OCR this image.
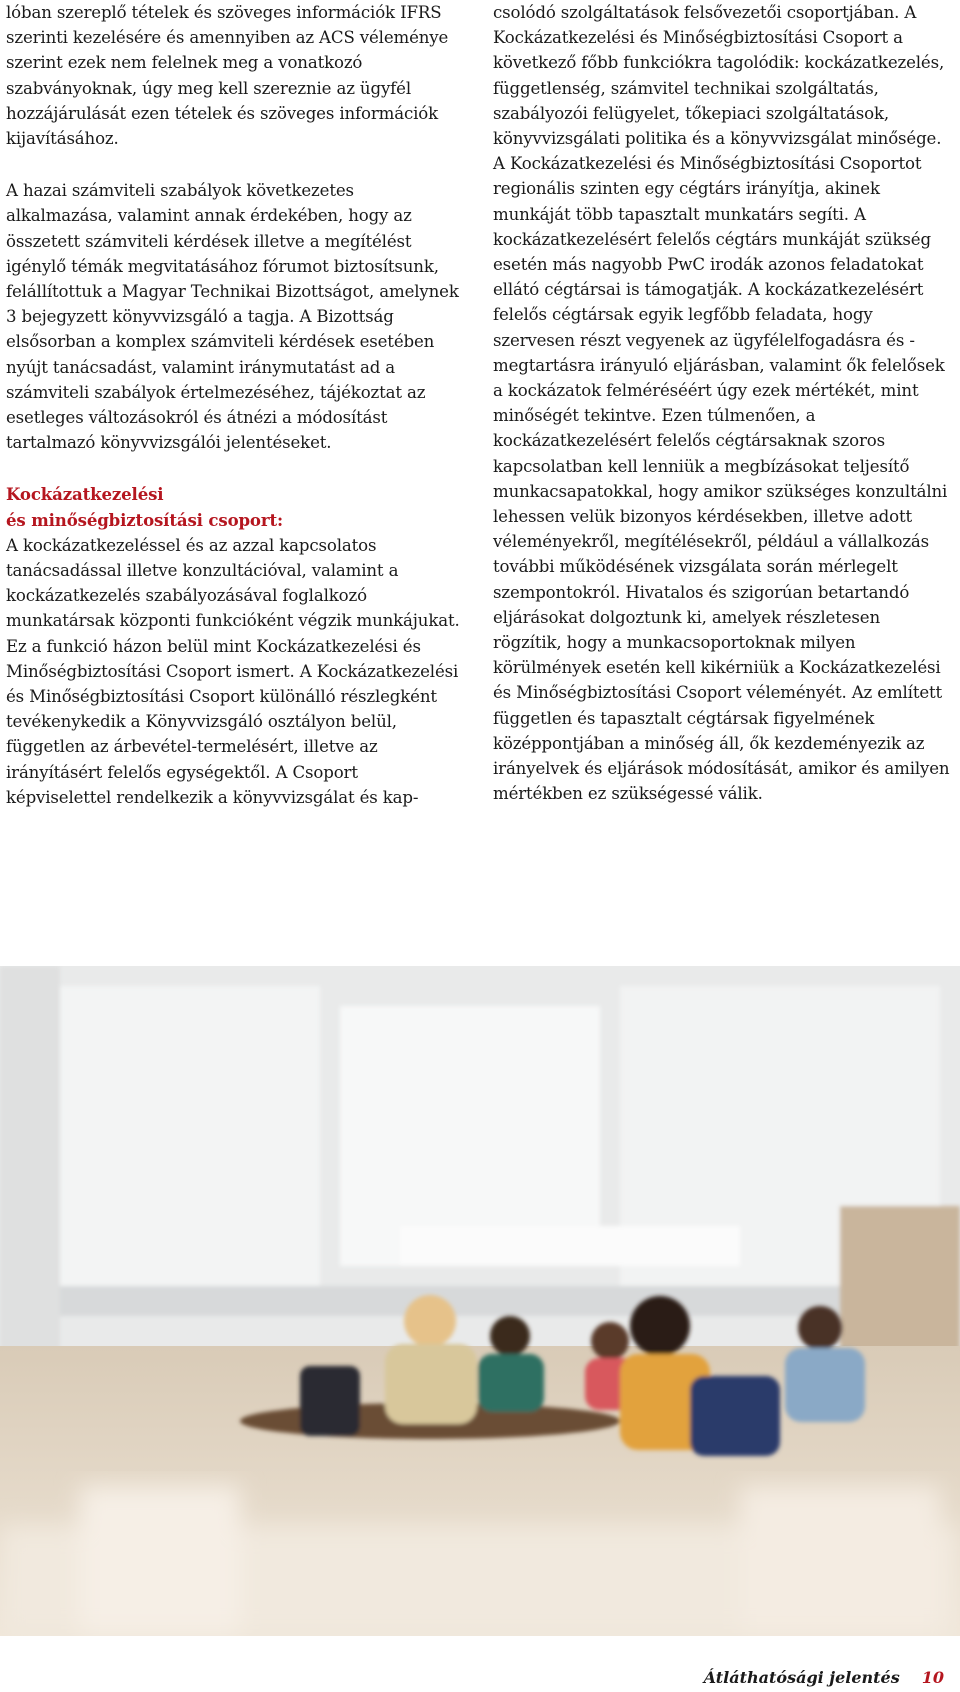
lóban szereplő tételek és szöveges információk IFRS szerinti kezelésére és amennyiben az ACS véleménye szerint ezek nem felelnek meg a vonatkozó szabványoknak, úgy meg kell szereznie az ügyfél hozzájárulását ezen tételek és szöveges információk kijavításához.

A hazai számviteli szabályok következetes alkalmazása, valamint annak érdekében, hogy az összetett számviteli kérdések illetve a megítélést igénylő témák megvitatásához fórumot biztosítsunk, felállítottuk a Magyar Technikai Bizottságot, amelynek 3 bejegyzett könyvvizsgáló a tagja. A Bizottság elsősorban a komplex számviteli kérdések esetében nyújt tanácsadást, valamint iránymutatást ad a számviteli szabályok értelmezéséhez, tájékoztat az esetleges változásokról és átnézi a módosítást tartalmazó könyvvizsgálói jelentéseket.

Kockázatkezelési
és minőségbiztosítási csoport:

A kockázatkezeléssel és az azzal kapcsolatos tanácsadással illetve konzultációval, valamint a kockázatkezelés szabályozásával foglalkozó munkatársak központi funkcióként végzik munkájukat. Ez a funkció házon belül mint Kockázatkezelési és Minőségbiztosítási Csoport ismert. A Kockázatkezelési és Minőségbiztosítási Csoport különálló részlegként tevékenykedik a Könyvvizsgáló osztályon belül, független az árbevétel-termelésért, illetve az irányításért felelős egységektől. A Csoport képviselettel rendelkezik a könyvvizsgálat és kap-

csolódó szolgáltatások felsővezetői csoportjában. A Kockázatkezelési és Minőségbiztosítási Csoport a következő főbb funkciókra tagolódik: kockázatkezelés, függetlenség, számvitel technikai szolgáltatás, szabályozói felügyelet, tőkepiaci szolgáltatások, könyvvizsgálati politika és a könyvvizsgálat minősége. A Kockázatkezelési és Minőségbiztosítási Csoportot regionális szinten egy cégtárs irányítja, akinek munkáját több tapasztalt munkatárs segíti. A kockázatkezelésért felelős cégtárs munkáját szükség esetén más nagyobb PwC irodák azonos feladatokat ellátó cégtársai is támogatják. A kockázatkezelésért felelős cégtársak egyik legfőbb feladata, hogy szervesen részt vegyenek az ügyfélelfogadásra és -megtartásra irányuló eljárásban, valamint ők felelősek a kockázatok felméréséért úgy ezek mértékét, mint minőségét tekintve. Ezen túlmenően, a kockázatkezelésért felelős cégtársaknak szoros kapcsolatban kell lenniük a megbízásokat teljesítő munkacsapatokkal, hogy amikor szükséges konzultálni lehessen velük bizonyos kérdésekben, illetve adott véleményekről, megítélésekről, például a vállalkozás további működésének vizsgálata során mérlegelt szempontokról. Hivatalos és szigorúan betartandó eljárásokat dolgoztunk ki, amelyek részletesen rögzítik, hogy a munkacsoportoknak milyen körülmények esetén kell kikérniük a Kockázatkezelési és Minőségbiztosítási Csoport véleményét. Az említett független és tapasztalt cégtársak figyelmének középpontjában a minőség áll, ők kezdeményezik az irányelvek és eljárások módosítását, amikor és amilyen mértékben ez szükségessé válik.

Átláthatósági jelentés 10
